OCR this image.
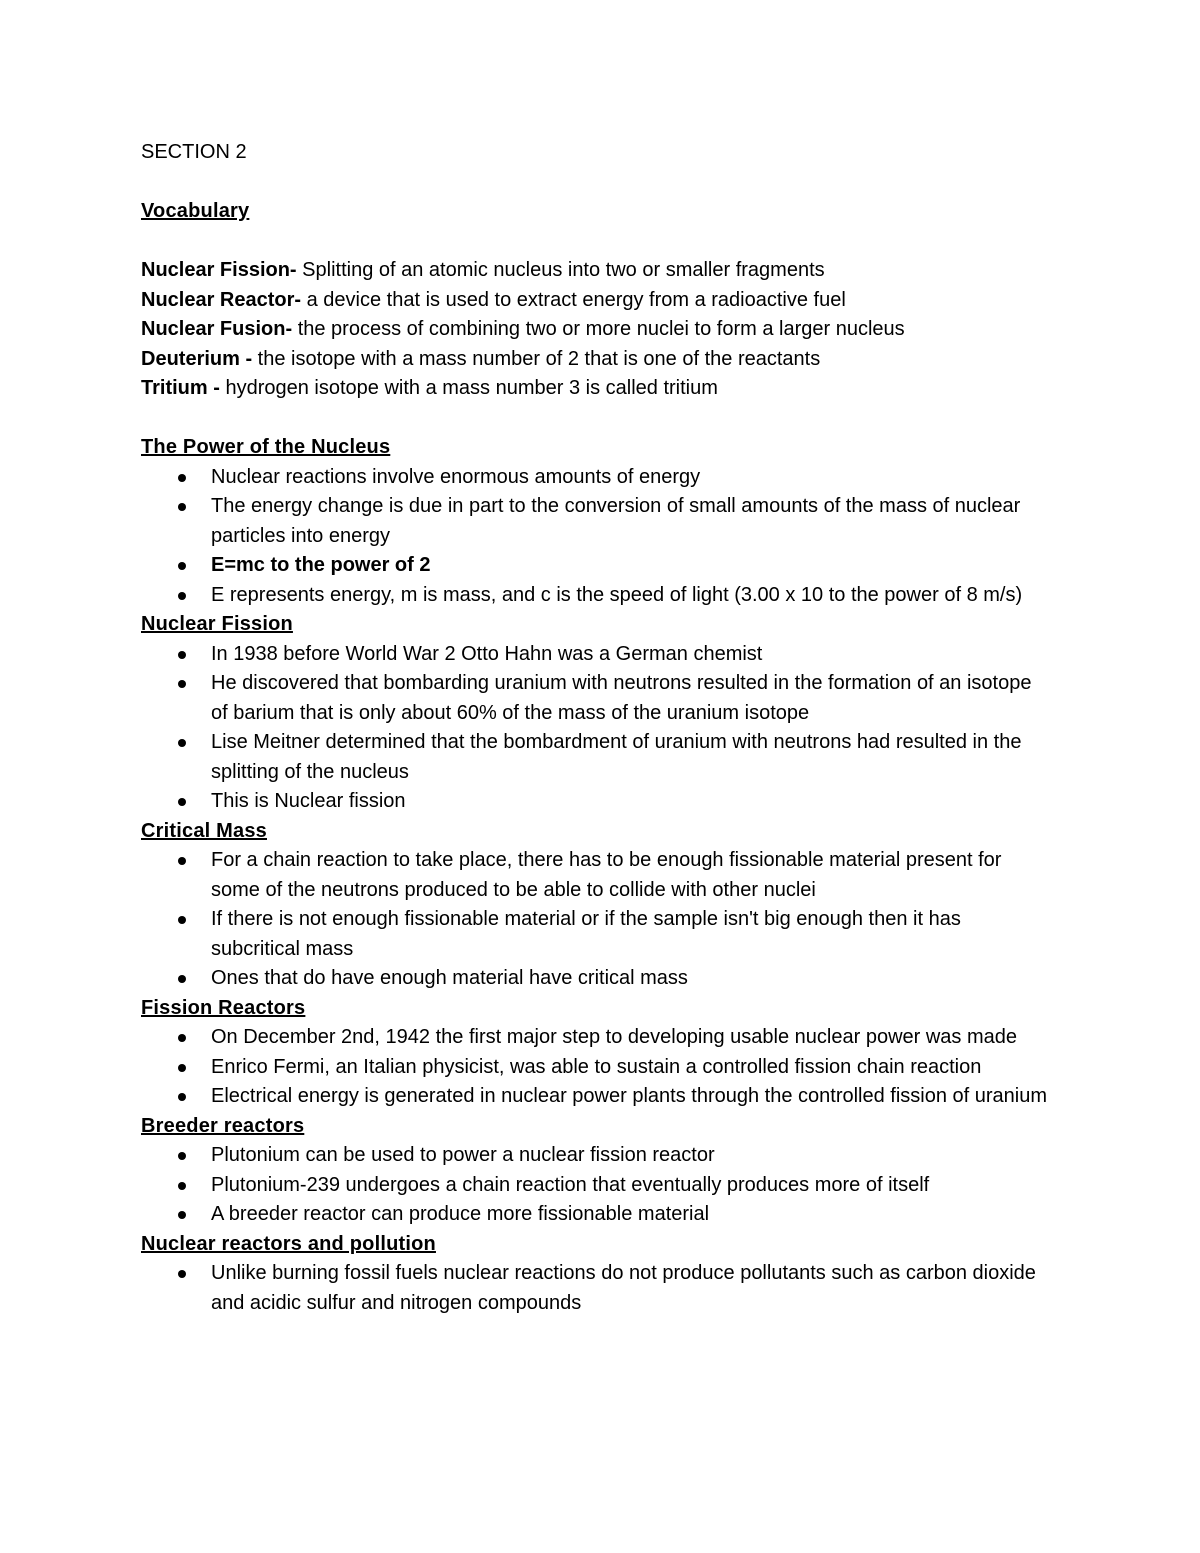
SECTION 2

Vocabulary

Nuclear Fission- Splitting of an atomic nucleus into two or smaller fragments

Nuclear Reactor- a device that is used to extract energy from a radioactive fuel

Nuclear Fusion- the process of combining two or more nuclei to form a larger nucleus

Deuterium - the isotope with a mass number of 2 that is one of the reactants

Tritium - hydrogen isotope with a mass number 3 is called tritium

The Power of the Nucleus

Nuclear reactions involve enormous amounts of energy
The energy change is due in part to the conversion of small amounts of the mass of nuclear particles into energy
E=mc to the power of 2
E represents energy, m is mass, and c is the speed of light (3.00 x 10 to the power of 8 m/s)

Nuclear Fission

In 1938 before World War 2 Otto Hahn was a German chemist
He discovered that bombarding uranium with neutrons resulted in the formation of an isotope of barium that is only about 60% of the mass of the uranium isotope
Lise Meitner determined that the bombardment of uranium with neutrons had resulted in the splitting of the nucleus
This is Nuclear fission

Critical Mass

For a chain reaction to take place, there has to be enough fissionable material present for some of the neutrons produced to be able to collide with other nuclei
If there is not enough fissionable material or if the sample isn't big enough then it has subcritical mass
Ones that do have enough material have critical mass

Fission Reactors

On December 2nd, 1942 the first major step to developing usable nuclear power was made
Enrico Fermi, an Italian physicist, was able to sustain a controlled fission chain reaction
Electrical energy is generated in nuclear power plants through the controlled fission of uranium

Breeder reactors

Plutonium can be used to power a nuclear fission reactor
Plutonium-239 undergoes a chain reaction that eventually produces more of itself
A breeder reactor can produce more fissionable material

Nuclear reactors and pollution

Unlike burning fossil fuels nuclear reactions do not produce pollutants such as carbon dioxide and acidic sulfur and nitrogen compounds
